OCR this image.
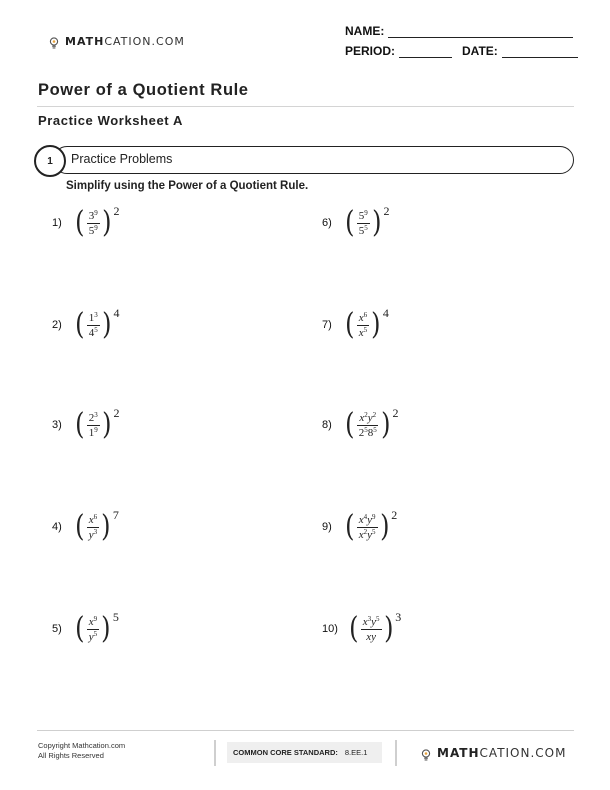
MATHCATION.COM
NAME:
PERIOD:	DATE:
Power of a Quotient Rule
Practice Worksheet A
1	Practice Problems
Simplify using the Power of a Quotient Rule.
1) ( $\frac{3^9}{5^9}$ ) 2
2) ( $\frac{1^3}{4^5}$ ) 4
3) ( $\frac{2^3}{1^9}$ ) 2
4) ( $\frac{x^6}{y^3}$ ) 7
5) ( $\frac{x^9}{y^5}$ ) 5
6) ( $\frac{5^9}{5^5}$ ) 2
7) ( $\frac{x^6}{x^5}$ ) 4
8) ( $\frac{x^2y^2}{2^58^5}$ ) 2
9) ( $\frac{x^4y^9}{x^2y^5}$ ) 2
10) ( $\frac{x^3y^5}{xy}$ ) 3
Copyright Mathcation.com
All Rights Reserved	COMMON CORE STANDARD: 8.EE.1	MATHCATION.COM
